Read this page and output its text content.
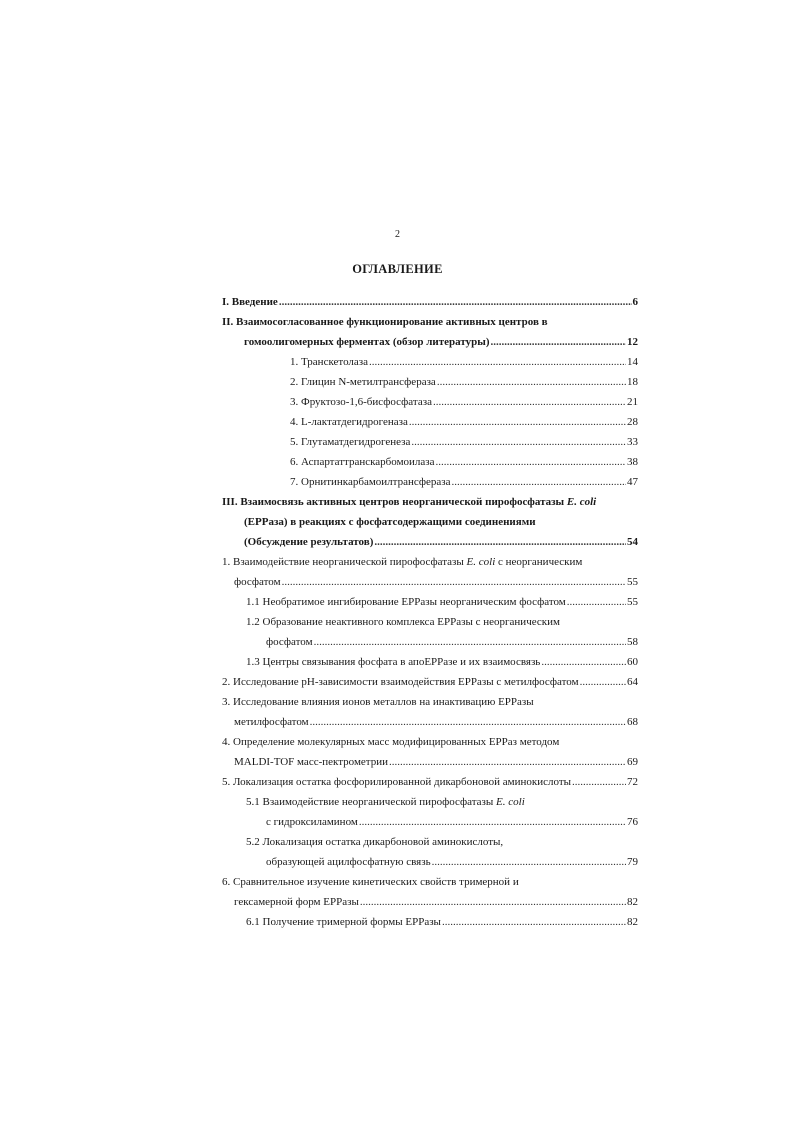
2
ОГЛАВЛЕНИЕ
I. Введение .....	6
II. Взаимосогласованное функционирование активных центров в
гомоолигомерных ферментах (обзор литературы) .....	12
1. Транскетолаза .....	14
2. Глицин N-метилтрансфераза .....	18
3. Фруктозо-1,6-бисфосфатаза .....	21
4. L-лактатдегидрогеназа .....	28
5. Глутаматдегидрогенеза .....	33
6. Аспартаттранскарбомоилаза .....	38
7. Орнитинкарбамоилтрансфераза .....	47
III. Взаимосвязь активных центров неорганической пирофосфатазы E. coli
(EPPаза) в реакциях с фосфатсодержащими соединениями
(Обсуждение результатов) .....	54
1. Взаимодействие неорганической пирофосфатазы E. coli с неорганическим
фосфатом .....	55
1.1 Необратимое ингибирование EPPазы неорганическим фосфатом .....	55
1.2 Образование неактивного комплекса EPPазы с неорганическим
фосфатом .....	58
1.3 Центры связывания фосфата в апоEPPазе и их взаимосвязь .....	60
2. Исследование pH-зависимости взаимодействия EPPазы с метилфосфатом .....	64
3. Исследование влияния ионов металлов на инактивацию EPPазы
метилфосфатом .....	68
4. Определение молекулярных масс модифицированных EPPаз методом
MALDI-TOF масс-пектрометрии .....	69
5. Локализация остатка фосфорилированной дикарбоновой аминокислоты .....	72
5.1 Взаимодействие неорганической пирофосфатазы E. coli
с гидроксиламином .....	76
5.2 Локализация остатка дикарбоновой аминокислоты,
образующей ацилфосфатную связь .....	79
6. Сравнительное изучение кинетических свойств тримерной и
гексамерной форм EPPазы .....	82
6.1 Получение тримерной формы EPPазы .....	82
